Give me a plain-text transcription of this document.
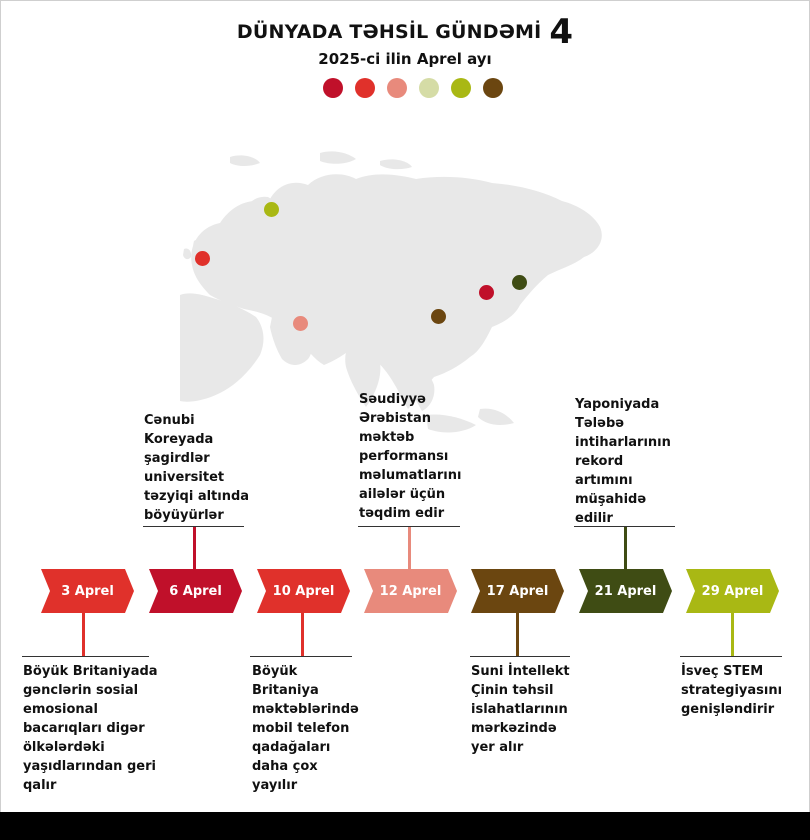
DÜNYADA TƏHSİL GÜNDƏMİ 4
2025-ci ilin Aprel ayı
3 Aprel
Böyük Britaniyada
gənclərin sosial
emosional
bacarıqları digər
ölkələrdəki
yaşıdlarından geri
qalır
6 Aprel
Cənubi
Koreyada
şagirdlər
universitet
təzyiqi altında
böyüyürlər
10 Aprel
Böyük
Britaniya
məktəblərində
mobil telefon
qadağaları
daha çox
yayılır
12 Aprel
Səudiyyə
Ərəbistan
məktəb
performansı
məlumatlarını
ailələr üçün
təqdim edir
17 Aprel
Suni İntellekt
Çinin təhsil
islahatlarının
mərkəzində
yer alır
21 Aprel
Yaponiyada
Tələbə
intiharlarının
rekord
artımını
müşahidə
edilir
29 Aprel
İsveç STEM
strategiyasını
genişləndirir
